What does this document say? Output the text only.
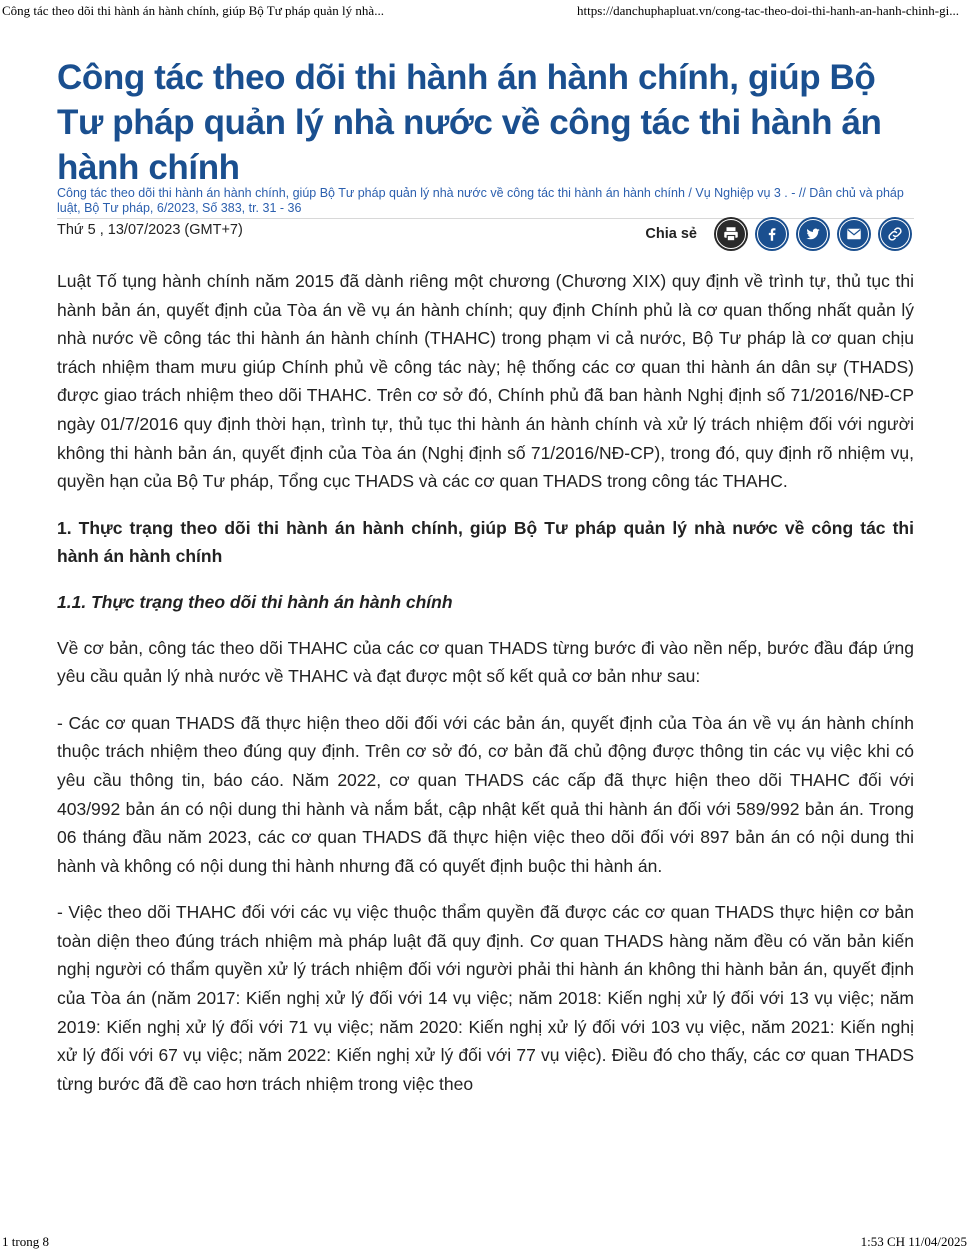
Công tác theo dõi thi hành án hành chính, giúp Bộ Tư pháp quản lý nhà...	https://danchuphapluat.vn/cong-tac-theo-doi-thi-hanh-an-hanh-chinh-gi...
Công tác theo dõi thi hành án hành chính, giúp Bộ Tư pháp quản lý nhà nước về công tác thi hành án hành chính
Công tác theo dõi thi hành án hành chính, giúp Bộ Tư pháp quản lý nhà nước về công tác thi hành án hành chính / Vụ Nghiệp vụ 3 . - // Dân chủ và pháp luật, Bộ Tư pháp, 6/2023, Số 383, tr. 31 - 36
Thứ 5 , 13/07/2023 (GMT+7)	Chia sẻ

Luật Tố tụng hành chính năm 2015 đã dành riêng một chương (Chương XIX) quy định về trình tự, thủ tục thi hành bản án, quyết định của Tòa án về vụ án hành chính; quy định Chính phủ là cơ quan thống nhất quản lý nhà nước về công tác thi hành án hành chính (THAHC) trong phạm vi cả nước, Bộ Tư pháp là cơ quan chịu trách nhiệm tham mưu giúp Chính phủ về công tác này; hệ thống các cơ quan thi hành án dân sự (THADS) được giao trách nhiệm theo dõi THAHC. Trên cơ sở đó, Chính phủ đã ban hành Nghị định số 71/2016/NĐ-CP ngày 01/7/2016 quy định thời hạn, trình tự, thủ tục thi hành án hành chính và xử lý trách nhiệm đối với người không thi hành bản án, quyết định của Tòa án (Nghị định số 71/2016/NĐ-CP), trong đó, quy định rõ nhiệm vụ, quyền hạn của Bộ Tư pháp, Tổng cục THADS và các cơ quan THADS trong công tác THAHC.

1. Thực trạng theo dõi thi hành án hành chính, giúp Bộ Tư pháp quản lý nhà nước về công tác thi hành án hành chính
1.1. Thực trạng theo dõi thi hành án hành chính

Về cơ bản, công tác theo dõi THAHC của các cơ quan THADS từng bước đi vào nền nếp, bước đầu đáp ứng yêu cầu quản lý nhà nước về THAHC và đạt được một số kết quả cơ bản như sau:

- Các cơ quan THADS đã thực hiện theo dõi đối với các bản án, quyết định của Tòa án về vụ án hành chính thuộc trách nhiệm theo đúng quy định. Trên cơ sở đó, cơ bản đã chủ động được thông tin các vụ việc khi có yêu cầu thông tin, báo cáo. Năm 2022, cơ quan THADS các cấp đã thực hiện theo dõi THAHC đối với 403/992 bản án có nội dung thi hành và nắm bắt, cập nhật kết quả thi hành án đối với 589/992 bản án. Trong 06 tháng đầu năm 2023, các cơ quan THADS đã thực hiện việc theo dõi đối với 897 bản án có nội dung thi hành và không có nội dung thi hành nhưng đã có quyết định buộc thi hành án.

- Việc theo dõi THAHC đối với các vụ việc thuộc thẩm quyền đã được các cơ quan THADS thực hiện cơ bản toàn diện theo đúng trách nhiệm mà pháp luật đã quy định. Cơ quan THADS hàng năm đều có văn bản kiến nghị người có thẩm quyền xử lý trách nhiệm đối với người phải thi hành án không thi hành bản án, quyết định của Tòa án (năm 2017: Kiến nghị xử lý đối với 14 vụ việc; năm 2018: Kiến nghị xử lý đối với 13 vụ việc; năm 2019: Kiến nghị xử lý đối với 71 vụ việc; năm 2020: Kiến nghị xử lý đối với 103 vụ việc, năm 2021: Kiến nghị xử lý đối với 67 vụ việc; năm 2022: Kiến nghị xử lý đối với 77 vụ việc). Điều đó cho thấy, các cơ quan THADS từng bước đã đề cao hơn trách nhiệm trong việc theo

1 trong 8	1:53 CH 11/04/2025
